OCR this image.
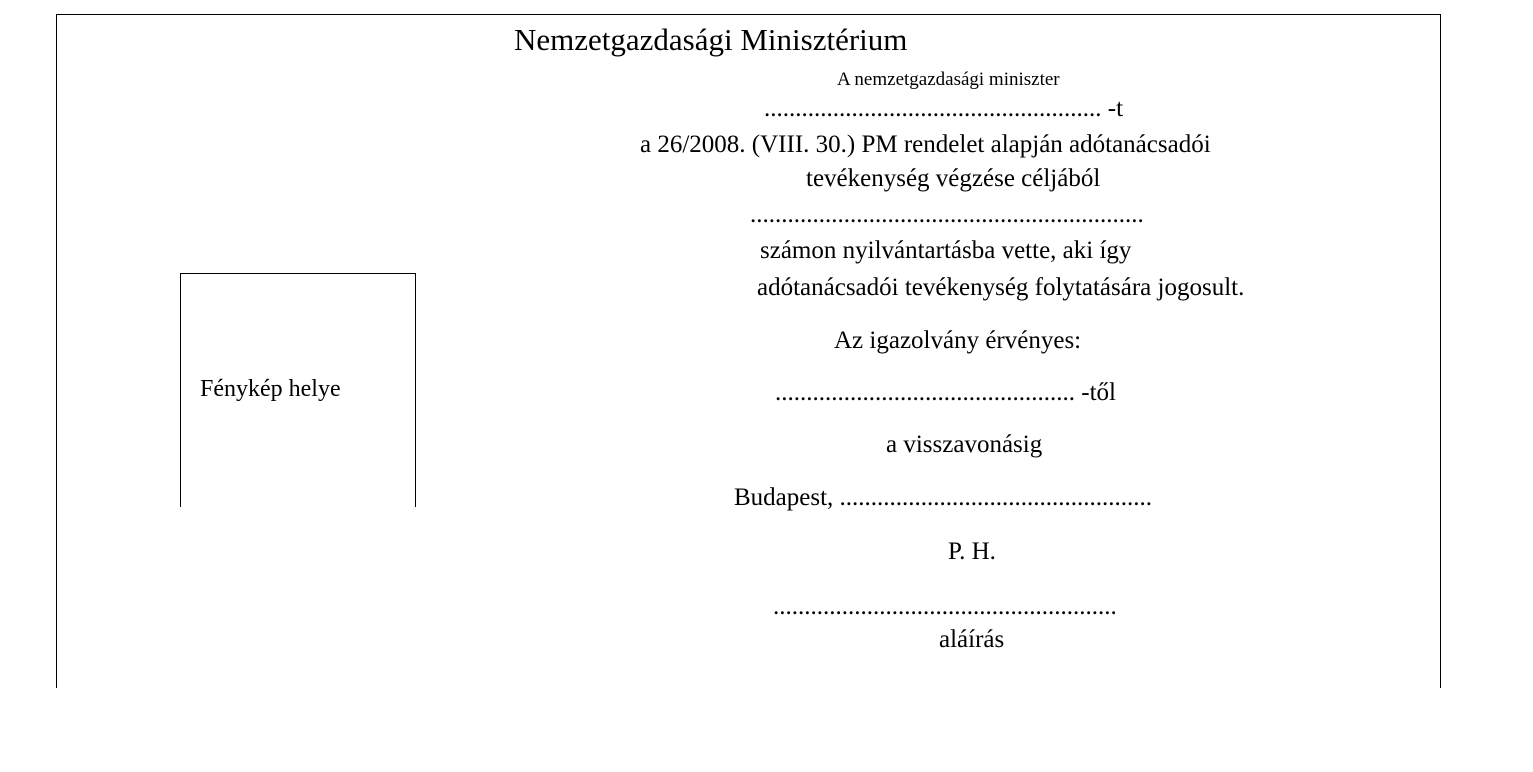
Fénykép helye
Nemzetgazdasági Minisztérium
A nemzetgazdasági miniszter
...................................................... -t
a 26/2008. (VIII. 30.) PM rendelet alapján adótanácsadói
tevékenység végzése céljából
...............................................................
számon nyilvántartásba vette, aki így
adótanácsadói tevékenység folytatására jogosult.
Az igazolvány érvényes:
................................................ -től
a visszavonásig
Budapest, ..................................................
P. H.
.......................................................
aláírás
